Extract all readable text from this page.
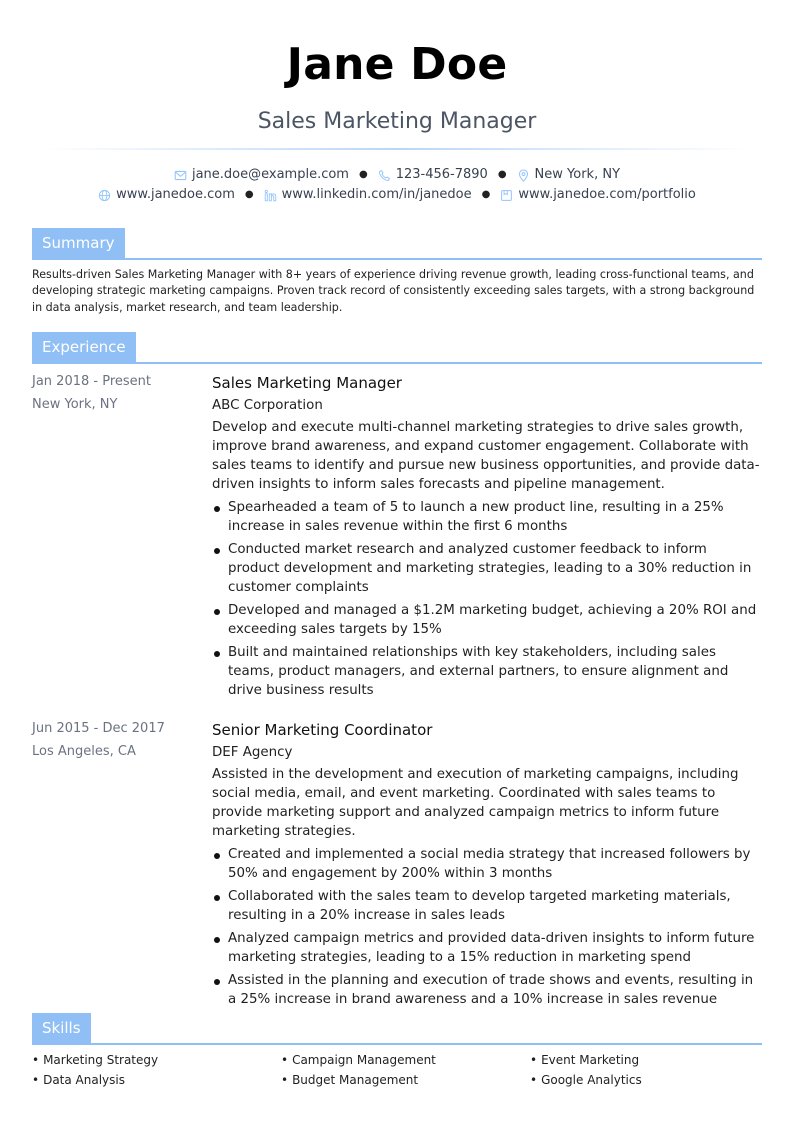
Jane Doe
Sales Marketing Manager
jane.doe@example.com ● 123-456-7890 ● New York, NY
www.janedoe.com ● www.linkedin.com/in/janedoe ● www.janedoe.com/portfolio
Summary
Results-driven Sales Marketing Manager with 8+ years of experience driving revenue growth, leading cross-functional teams, and developing strategic marketing campaigns. Proven track record of consistently exceeding sales targets, with a strong background in data analysis, market research, and team leadership.
Experience
Jan 2018 - Present
New York, NY
Sales Marketing Manager
ABC Corporation
Develop and execute multi-channel marketing strategies to drive sales growth, improve brand awareness, and expand customer engagement. Collaborate with sales teams to identify and pursue new business opportunities, and provide data-driven insights to inform sales forecasts and pipeline management.
Spearheaded a team of 5 to launch a new product line, resulting in a 25% increase in sales revenue within the first 6 months
Conducted market research and analyzed customer feedback to inform product development and marketing strategies, leading to a 30% reduction in customer complaints
Developed and managed a $1.2M marketing budget, achieving a 20% ROI and exceeding sales targets by 15%
Built and maintained relationships with key stakeholders, including sales teams, product managers, and external partners, to ensure alignment and drive business results
Jun 2015 - Dec 2017
Los Angeles, CA
Senior Marketing Coordinator
DEF Agency
Assisted in the development and execution of marketing campaigns, including social media, email, and event marketing. Coordinated with sales teams to provide marketing support and analyzed campaign metrics to inform future marketing strategies.
Created and implemented a social media strategy that increased followers by 50% and engagement by 200% within 3 months
Collaborated with the sales team to develop targeted marketing materials, resulting in a 20% increase in sales leads
Analyzed campaign metrics and provided data-driven insights to inform future marketing strategies, leading to a 15% reduction in marketing spend
Assisted in the planning and execution of trade shows and events, resulting in a 25% increase in brand awareness and a 10% increase in sales revenue
Skills
• Marketing Strategy	• Campaign Management	• Event Marketing
• Data Analysis	• Budget Management	• Google Analytics
